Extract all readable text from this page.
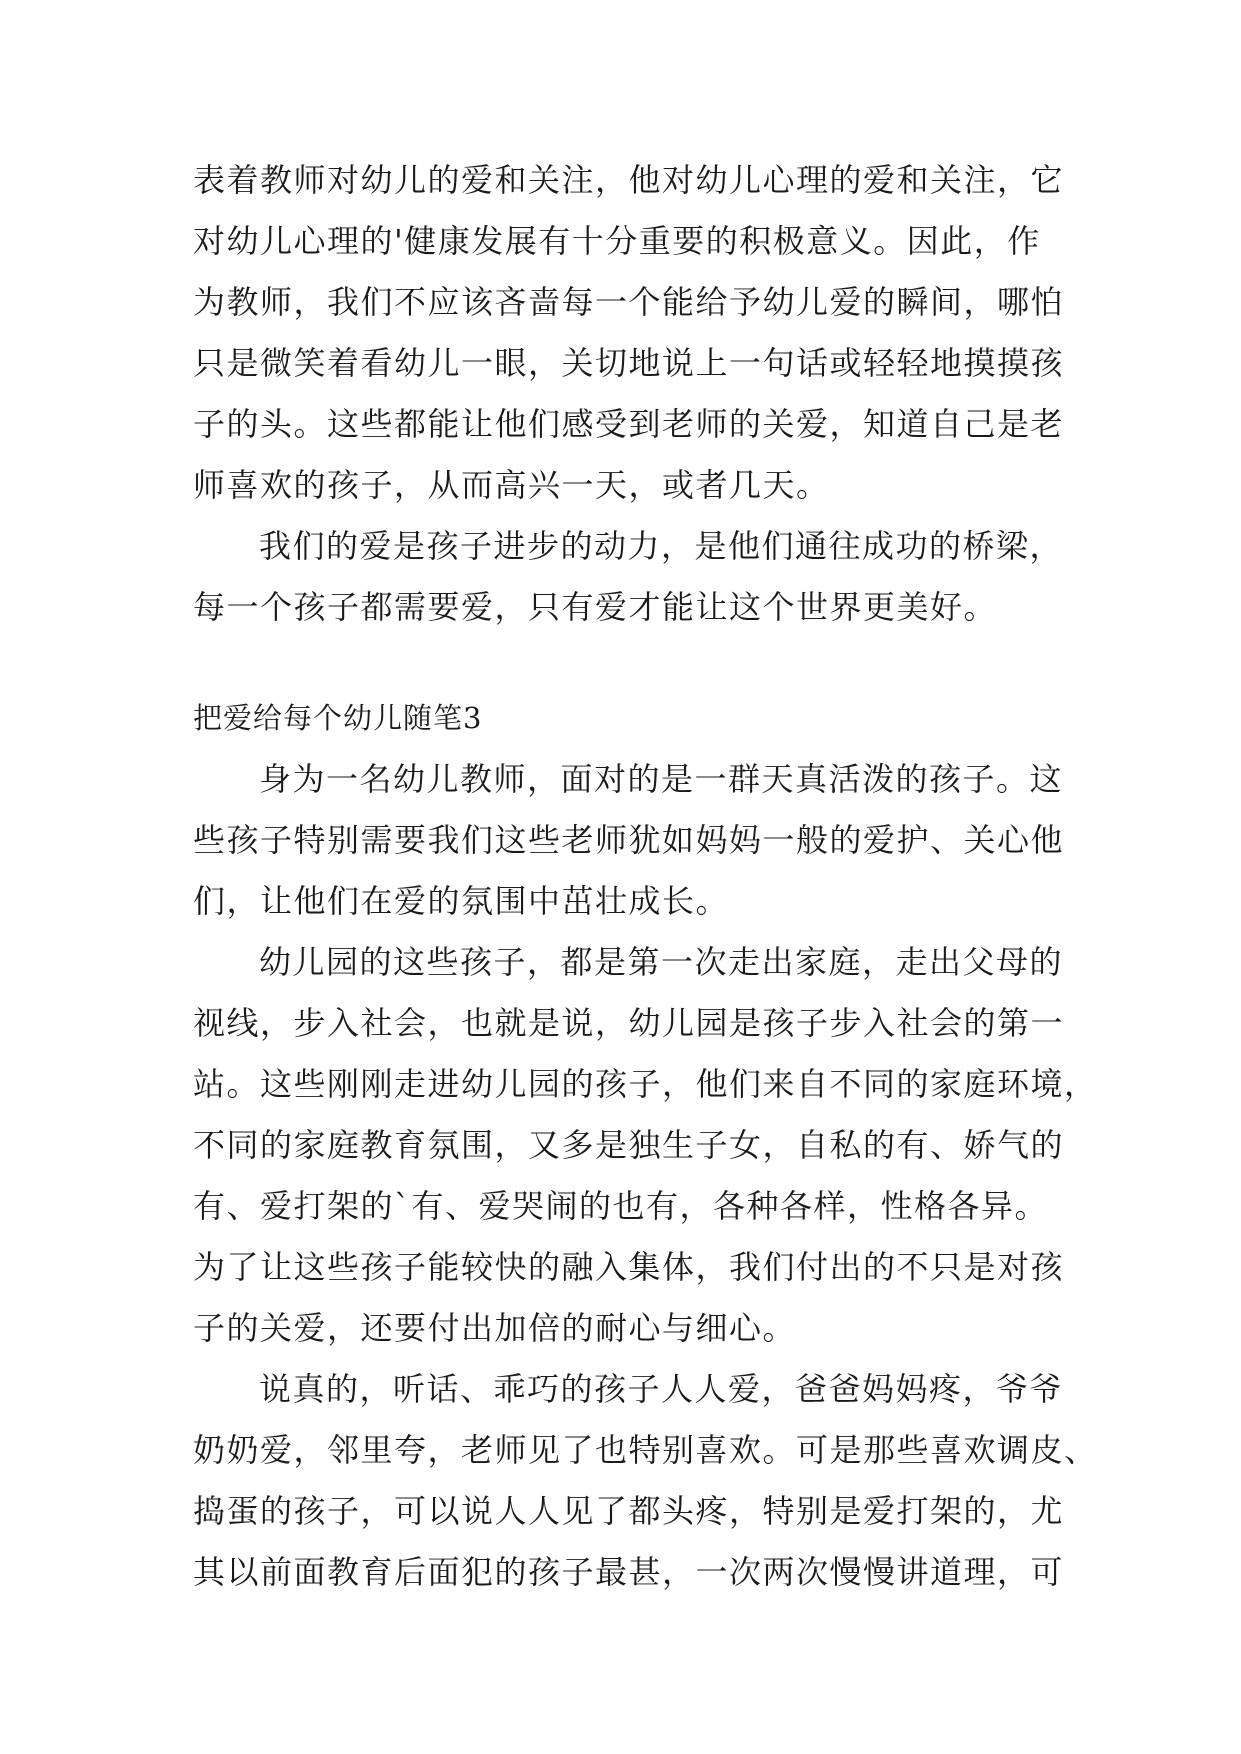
表着教师对幼儿的爱和关注，他对幼儿心理的爱和关注，它
对幼儿心理的'健康发展有十分重要的积极意义。因此，作
为教师，我们不应该吝啬每一个能给予幼儿爱的瞬间，哪怕
只是微笑着看幼儿一眼，关切地说上一句话或轻轻地摸摸孩
子的头。这些都能让他们感受到老师的关爱，知道自己是老
师喜欢的孩子，从而高兴一天，或者几天。
我们的爱是孩子进步的动力，是他们通往成功的桥梁，
每一个孩子都需要爱，只有爱才能让这个世界更美好。
把爱给每个幼儿随笔3
身为一名幼儿教师，面对的是一群天真活泼的孩子。这
些孩子特别需要我们这些老师犹如妈妈一般的爱护、关心他
们，让他们在爱的氛围中茁壮成长。
幼儿园的这些孩子，都是第一次走出家庭，走出父母的
视线，步入社会，也就是说，幼儿园是孩子步入社会的第一
站。这些刚刚走进幼儿园的孩子，他们来自不同的家庭环境，
不同的家庭教育氛围，又多是独生子女，自私的有、娇气的
有、爱打架的`有、爱哭闹的也有，各种各样，性格各异。
为了让这些孩子能较快的融入集体，我们付出的不只是对孩
子的关爱，还要付出加倍的耐心与细心。
说真的，听话、乖巧的孩子人人爱，爸爸妈妈疼，爷爷
奶奶爱，邻里夸，老师见了也特别喜欢。可是那些喜欢调皮、
捣蛋的孩子，可以说人人见了都头疼，特别是爱打架的，尤
其以前面教育后面犯的孩子最甚，一次两次慢慢讲道理，可
